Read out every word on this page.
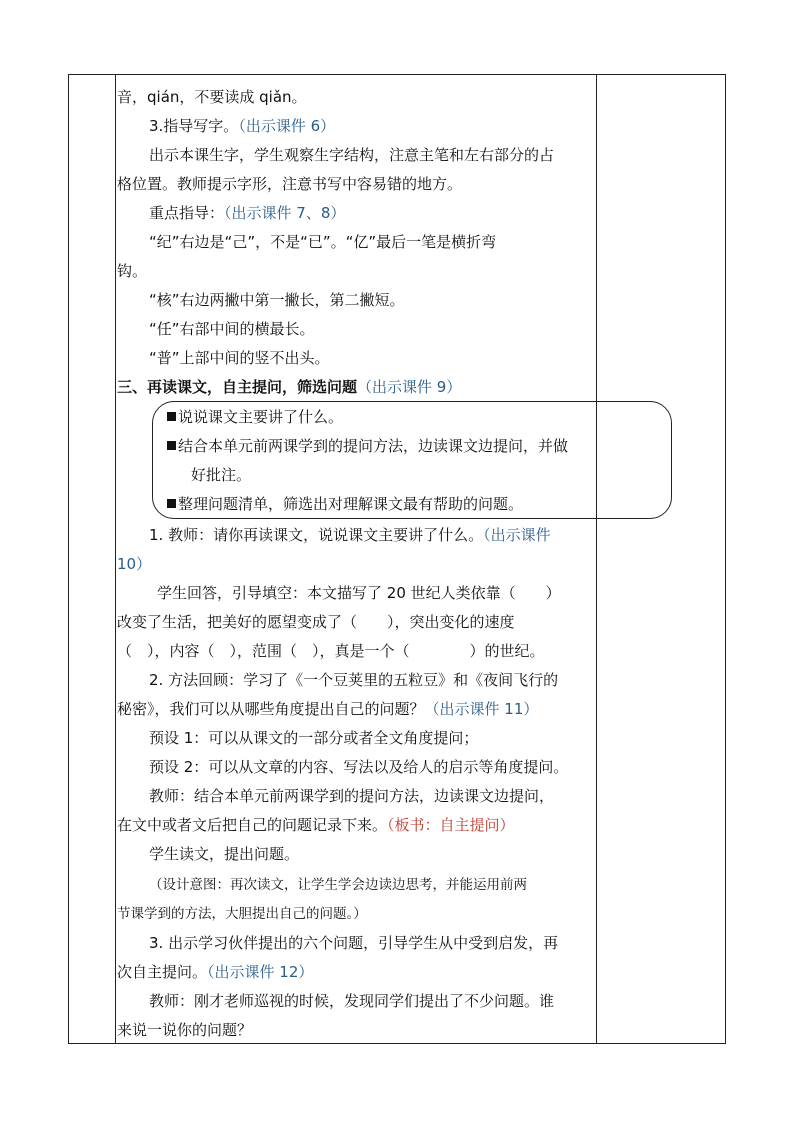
音，qián，不要读成 qiǎn。
3.指导写字。（出示课件 6）
出示本课生字，学生观察生字结构，注意主笔和左右部分的占
格位置。教师提示字形，注意书写中容易错的地方。
重点指导：（出示课件 7、8）
“纪”右边是“己”，不是“已”。“亿”最后一笔是横折弯
钩。
“核”右边两撇中第一撇长，第二撇短。
“任”右部中间的横最长。
“普”上部中间的竖不出头。
三、再读课文，自主提问，筛选问题（出示课件 9）
说说课文主要讲了什么。
结合本单元前两课学到的提问方法，边读课文边提问，并做
好批注。
整理问题清单，筛选出对理解课文最有帮助的问题。
1. 教师：请你再读课文，说说课文主要讲了什么。（出示课件
10）
学生回答，引导填空：本文描写了 20 世纪人类依靠（　　）
改变了生活，把美好的愿望变成了（　　），突出变化的速度
（　），内容（　），范围（　），真是一个（　　　　）的世纪。
2. 方法回顾：学习了《一个豆荚里的五粒豆》和《夜间飞行的
秘密》，我们可以从哪些角度提出自己的问题？（出示课件 11）
预设 1：可以从课文的一部分或者全文角度提问；
预设 2：可以从文章的内容、写法以及给人的启示等角度提问。
教师：结合本单元前两课学到的提问方法，边读课文边提问，
在文中或者文后把自己的问题记录下来。（板书：自主提问）
学生读文，提出问题。
（设计意图：再次读文，让学生学会边读边思考，并能运用前两
节课学到的方法，大胆提出自己的问题。）
3. 出示学习伙伴提出的六个问题，引导学生从中受到启发，再
次自主提问。（出示课件 12）
教师：刚才老师巡视的时候，发现同学们提出了不少问题。谁
来说一说你的问题？
